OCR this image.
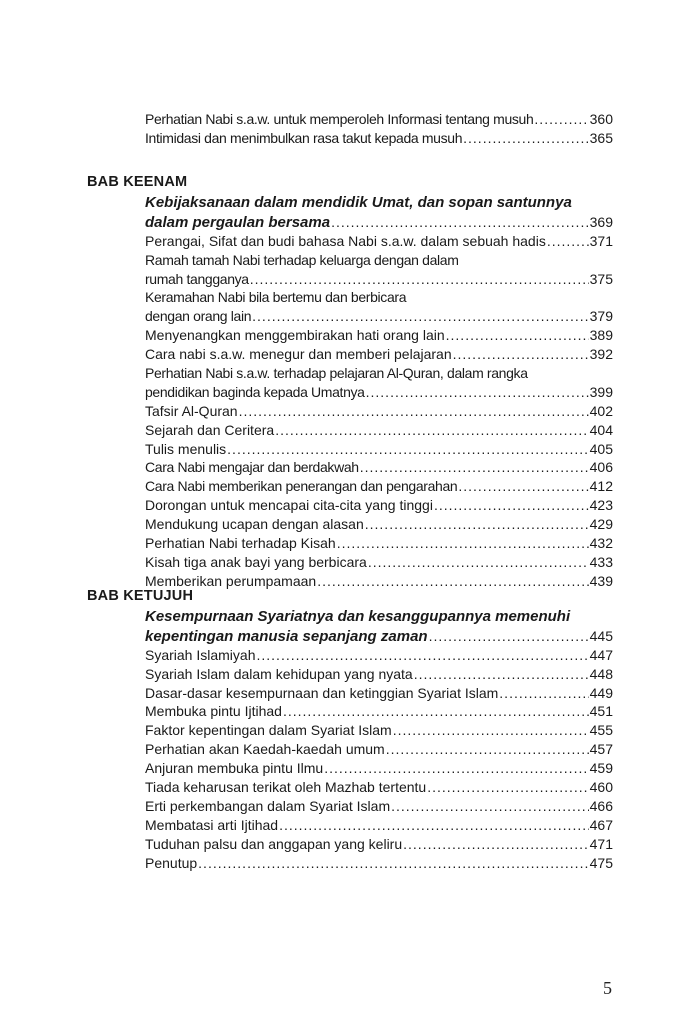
Perhatian Nabi s.a.w. untuk memperoleh Informasi tentang musuh .....	360
Intimidasi dan menimbulkan rasa takut kepada musuh .....	365
BAB KEENAM
Kebijaksanaan dalam mendidik Umat, dan sopan santunnya
dalam pergaulan bersama .....	369
Perangai, Sifat dan budi bahasa Nabi s.a.w. dalam sebuah hadis .....	371
Ramah tamah Nabi terhadap keluarga dengan dalam
rumah tangganya .....	375
Keramahan Nabi bila bertemu dan berbicara
dengan orang lain .....	379
Menyenangkan menggembirakan hati orang lain .....	389
Cara nabi s.a.w. menegur dan memberi pelajaran .....	392
Perhatian Nabi s.a.w. terhadap pelajaran Al-Quran, dalam rangka
pendidikan baginda kepada Umatnya .....	399
Tafsir Al-Quran .....	402
Sejarah dan Ceritera .....	404
Tulis menulis .....	405
Cara Nabi mengajar dan berdakwah .....	406
Cara Nabi memberikan penerangan dan pengarahan .....	412
Dorongan untuk mencapai cita-cita yang tinggi .....	423
Mendukung ucapan dengan alasan .....	429
Perhatian Nabi terhadap Kisah .....	432
Kisah tiga anak bayi yang berbicara .....	433
Memberikan perumpamaan .....	439
BAB KETUJUH
Kesempurnaan Syariatnya dan kesanggupannya memenuhi
kepentingan manusia sepanjang zaman .....	445
Syariah Islamiyah .....	447
Syariah Islam dalam kehidupan yang nyata .....	448
Dasar-dasar kesempurnaan dan ketinggian Syariat Islam .....	449
Membuka pintu Ijtihad .....	451
Faktor kepentingan dalam Syariat Islam .....	455
Perhatian akan Kaedah-kaedah umum .....	457
Anjuran membuka pintu Ilmu .....	459
Tiada keharusan terikat oleh Mazhab tertentu .....	460
Erti perkembangan dalam Syariat Islam .....	466
Membatasi arti Ijtihad .....	467
Tuduhan palsu dan anggapan yang keliru .....	471
Penutup .....	475
5
